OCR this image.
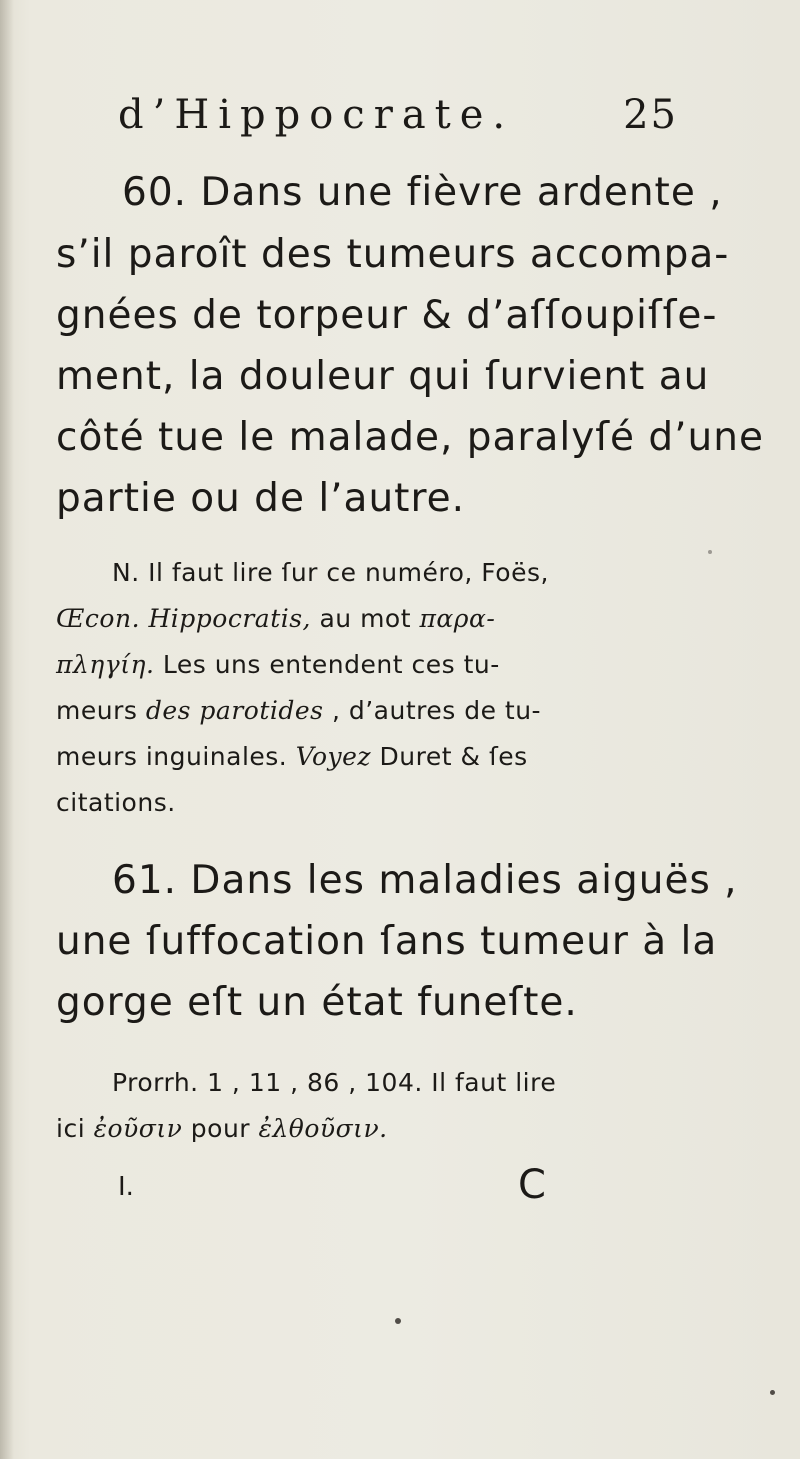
d’Hippocrate.	25
60. Dans une fièvre ardente ,
s’il paroît des tumeurs accompa-
gnées de torpeur & d’aſſoupiſſe-
ment, la douleur qui ſurvient au
côté tue le malade, paralyſé d’une
partie ou de l’autre.
N. Il faut lire ſur ce numéro, Foës,
Œcon. Hippocratis, au mot παρα-
πληγίη. Les uns entendent ces tu-
meurs des parotides , d’autres de tu-
meurs inguinales. Voyez Duret & ſes
citations.
61. Dans les maladies aiguës ,
une ſuffocation ſans tumeur à la
gorge eſt un état funeſte.
Prorrh. 1 , 11 , 86 , 104. Il faut lire
ici ἐοῦσιν pour ἐλθοῦσιν.
I.	C
